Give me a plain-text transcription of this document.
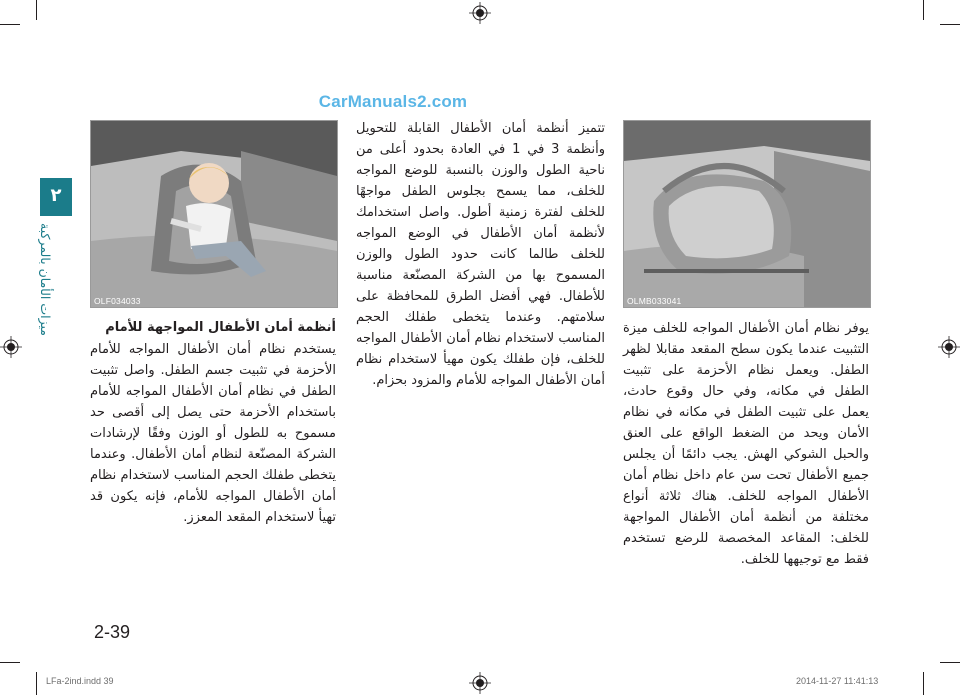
CarManuals2.com
٢
ميزات الأمان بالمركبة	OLF034033	OLMB033041

يوفر نظام أمان الأطفال المواجه للخلف ميزة التثبيت عندما يكون سطح المقعد مقابلا لظهر الطفل. ويعمل نظام الأحزمة على تثبيت الطفل في مكانه، وفي حال وقوع حادث، يعمل على تثبيت الطفل في مكانه في نظام الأمان ويحد من الضغط الواقع على العنق والحبل الشوكي الهش. يجب دائمًا أن يجلس جميع الأطفال تحت سن عام داخل نظام أمان الأطفال المواجه للخلف. هناك ثلاثة أنواع مختلفة من أنظمة أمان الأطفال المواجهة للخلف: المقاعد المخصصة للرضع تستخدم فقط مع توجيهها للخلف.

تتميز أنظمة أمان الأطفال القابلة للتحويل وأنظمة 3 في 1 في العادة بحدود أعلى من ناحية الطول والوزن بالنسبة للوضع المواجه للخلف، مما يسمح بجلوس الطفل مواجهًا للخلف لفترة زمنية أطول. واصل استخدامك لأنظمة أمان الأطفال في الوضع المواجه للخلف طالما كانت حدود الطول والوزن المسموح بها من الشركة المصنّعة مناسبة للأطفال. فهي أفضل الطرق للمحافظة على سلامتهم. وعندما يتخطى طفلك الحجم المناسب لاستخدام نظام أمان الأطفال المواجه للخلف، فإن طفلك يكون مهيأ لاستخدام نظام أمان الأطفال المواجه للأمام والمزود بحزام.

أنظمة أمان الأطفال المواجهة للأمام

يستخدم نظام أمان الأطفال المواجه للأمام الأحزمة في تثبيت جسم الطفل. واصل تثبيت الطفل في نظام أمان الأطفال المواجه للأمام باستخدام الأحزمة حتى يصل إلى أقصى حد مسموح به للطول أو الوزن وفقًا لإرشادات الشركة المصنّعة لنظام أمان الأطفال. وعندما يتخطى طفلك الحجم المناسب لاستخدام نظام أمان الأطفال المواجه للأمام، فإنه يكون قد تهيأ لاستخدام المقعد المعزز.

2-39
LFa-2ind.indd 39	2014-11-27 11:41:13
